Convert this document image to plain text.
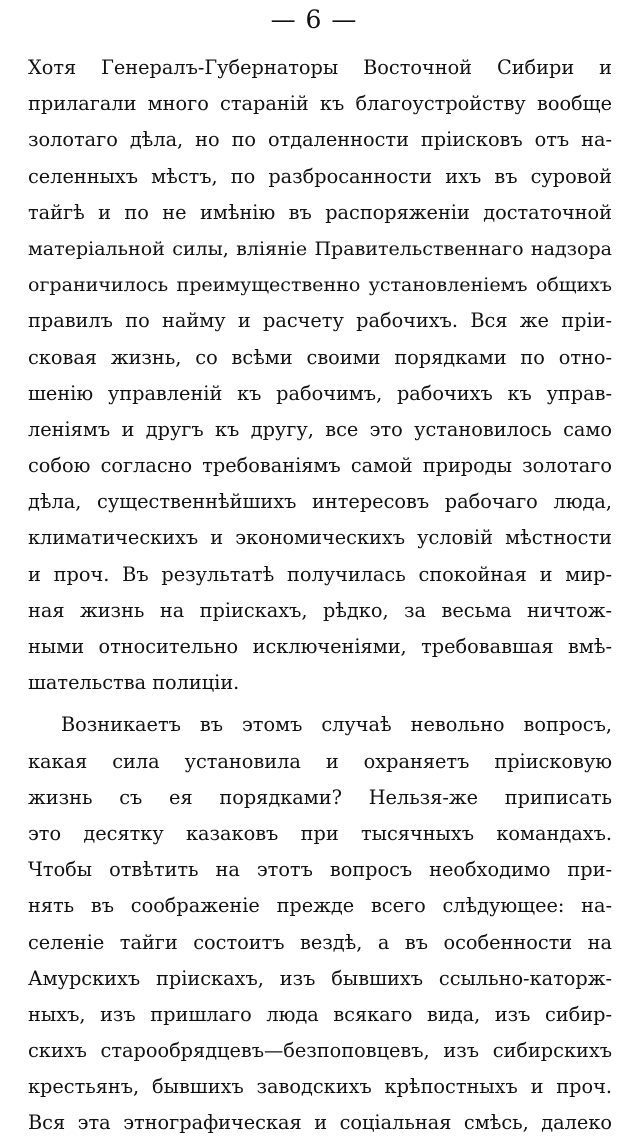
— 6 —
Хотя Генералъ-Губернаторы Восточной Сибири и
прилагали много стараній къ благоустройству вообще
золотаго дѣла, но по отдаленности пріисковъ отъ на-
селенныхъ мѣстъ, по разбросанности ихъ въ суровой
тайгѣ и по не имѣнію въ распоряженіи достаточной
матеріальной силы, вліяніе Правительственнаго надзора
ограничилось преимущественно установленіемъ общихъ
правилъ по найму и расчету рабочихъ. Вся же пріи-
сковая жизнь, со всѣми своими порядками по отно-
шенію управленій къ рабочимъ, рабочихъ къ управ-
леніямъ и другъ къ другу, все это установилось само
собою согласно требованіямъ самой природы золотаго
дѣла, существеннѣйшихъ интересовъ рабочаго люда,
климатическихъ и экономическихъ условій мѣстности
и проч. Въ результатѣ получилась спокойная и мир-
ная жизнь на пріискахъ, рѣдко, за весьма ничтож-
ными относительно исключеніями, требовавшая вмѣ-
шательства полиціи.
Возникаетъ въ этомъ случаѣ невольно вопросъ,
какая сила установила и охраняетъ пріисковую
жизнь съ ея порядками? Нельзя-же приписать
это десятку казаковъ при тысячныхъ командахъ.
Чтобы отвѣтить на этотъ вопросъ необходимо при-
нять въ соображеніе прежде всего слѣдующее: на-
селеніе тайги состоитъ вездѣ, а въ особенности на
Амурскихъ пріискахъ, изъ бывшихъ ссыльно-каторж-
ныхъ, изъ пришлаго люда всякаго вида, изъ сибир-
скихъ старообрядцевъ—безпоповцевъ, изъ сибирскихъ
крестьянъ, бывшихъ заводскихъ крѣпостныхъ и проч.
Вся эта этнографическая и соціальная смѣсь, далеко
